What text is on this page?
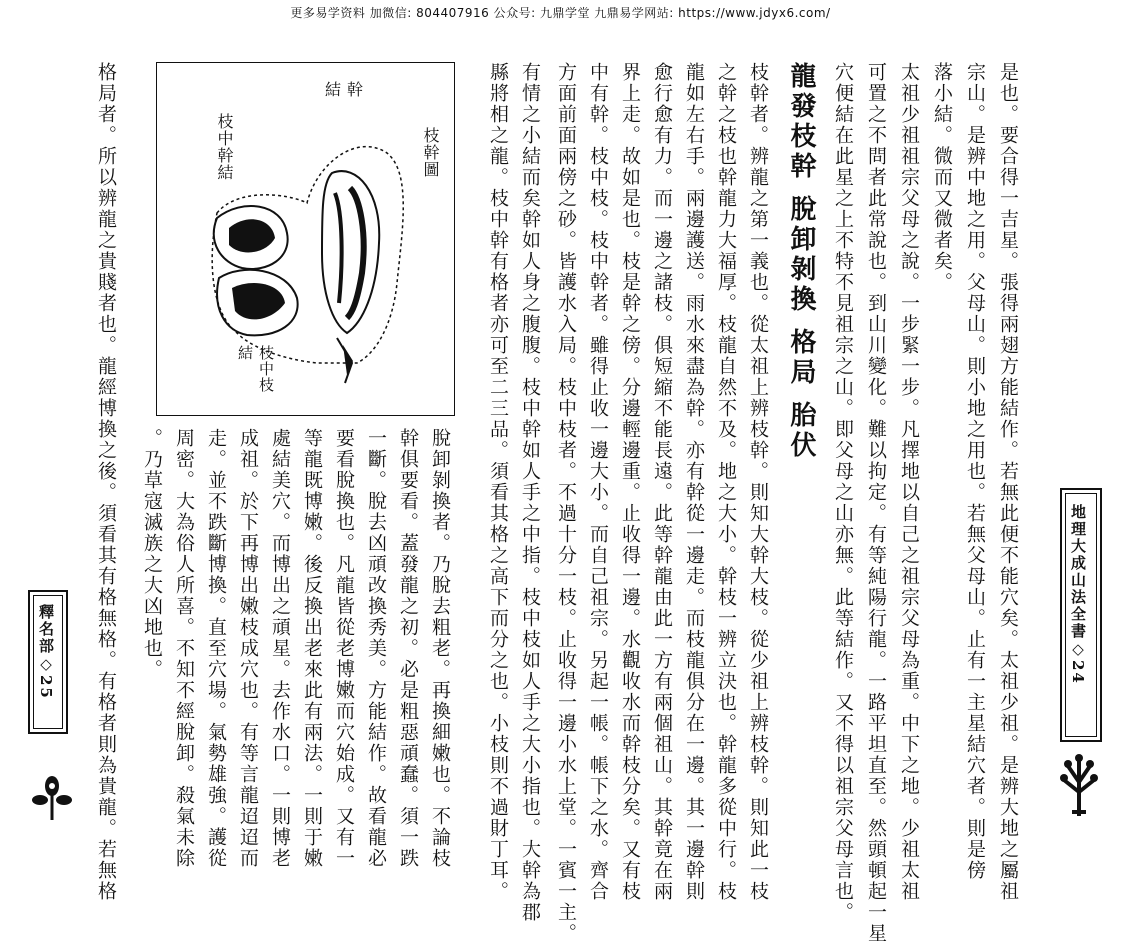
更多易学资料 加微信: 804407916 公众号: 九鼎学堂 九鼎易学网站: https://www.jdyx6.com/
地理大成山法全書◇24
是也。要合得一吉星。張得兩翅方能結作。若無此便不能穴矣。太祖少祖。是辨大地之屬祖
宗山。是辨中地之用。父母山。則小地之用也。若無父母山。止有一主星結穴者。則是傍
落小結。微而又微者矣。
太祖少祖祖宗父母之說。一步緊一步。凡擇地以自己之祖宗父母為重。中下之地。少祖太祖
可置之不問者此常說也。到山川變化。難以拘定。有等純陽行龍。一路平坦直至。然頭頓起一星
穴便結在此星之上不特不見祖宗之山。即父母之山亦無。此等結作。又不得以祖宗父母言也。
龍發枝幹 脫卸剝換 格局 胎伏
枝幹者。辨龍之第一義也。從太祖上辨枝幹。則知大幹大枝。從少祖上辨枝幹。則知此一枝
之幹之枝也幹龍力大福厚。枝龍自然不及。地之大小。幹枝一辨立決也。幹龍多從中行。枝
龍如左右手。兩邊護送。雨水來盡為幹。亦有幹從一邊走。而枝龍俱分在一邊。其一邊幹則
愈行愈有力。而一邊之諸枝。俱短縮不能長遠。此等幹龍由此一方有兩個祖山。其幹竟在兩
界上走。故如是也。枝是幹之傍。分邊輕邊重。止收得一邊。水觀收水而幹枝分矣。又有枝
中有幹。枝中枝。枝中幹者。雖得止收一邊大小。而自己祖宗。另起一帳。帳下之水。齊合
方面前面兩傍之砂。皆護水入局。枝中枝者。不過十分一枝。止收得一邊小水上堂。一賓一主。
有情之小結而矣幹如人身之腹腹。枝中幹如人手之中指。枝中枝如人手之大小指也。大幹為郡
縣將相之龍。枝中幹有格者亦可至二三品。須看其格之高下而分之也。小枝則不過財丁耳。
枝幹圖
結幹
枝中幹結
枝中枝結
脫卸剝換者。乃脫去粗老。再換細嫩也。不論枝
幹俱要看。蓋發龍之初。必是粗惡頑蠢。須一跌
一斷。脫去凶頑改換秀美。方能結作。故看龍必
要看脫換也。凡龍皆從老博嫩而穴始成。又有一
等龍既博嫩。後反換出老來此有兩法。一則于嫩
處結美穴。而博出之頑星。去作水口。一則博老
成祖。於下再博出嫩枝成穴也。有等言龍迢迢而
走。並不跌斷博換。直至穴場。氣勢雄強。護從
周密。大為俗人所喜。不知不經脫卸。殺氣未除
。乃草寇滅族之大凶地也。
格局者。所以辨龍之貴賤者也。龍經博換之後。須看其有格無格。有格者則為貴龍。若無格
釋名部◇25
